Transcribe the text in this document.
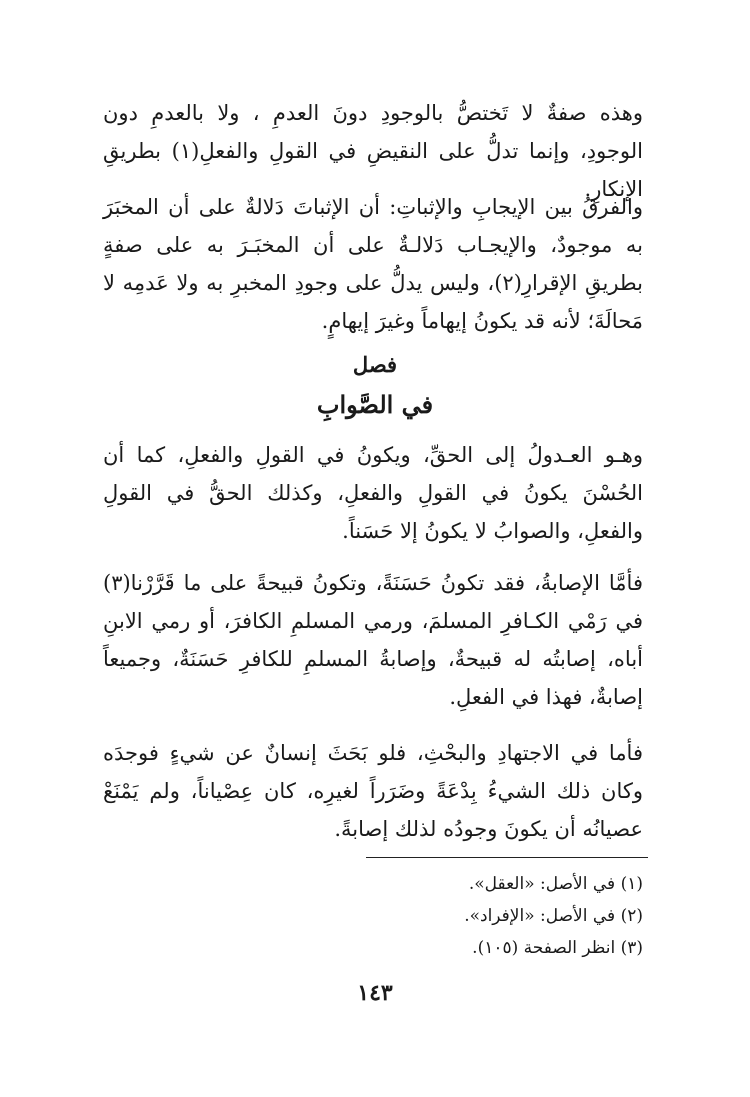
وهذه صفةٌ لا تَختصُّ بالوجودِ دونَ العدمِ ، ولا بالعدمِ دون الوجودِ، وإنما تدلُّ على النقيضِ في القولِ والفعلِ(١) بطريقِ الإنكارِ.

والفرقُ بين الإيجابِ والإثباتِ: أن الإثباتَ دَلالةٌ على أن المخبَرَ به موجودٌ، والإيجـاب دَلالـةٌ على أن المخبَـرَ به على صفةٍ بطريقِ الإقرارِ(٢)، وليس يدلُّ على وجودِ المخبرِ به ولا عَدمِه لا مَحالَةَ؛ لأنه قد يكونُ إيهاماً وغيرَ إيهامٍ.

فصل
في الصَّوابِ

وهـو العـدولُ إلى الحقِّ، ويكونُ في القولِ والفعلِ، كما أن الحُسْنَ يكونُ في القولِ والفعلِ، وكذلك الحقُّ في القولِ والفعلِ، والصوابُ لا يكونُ إلا حَسَناً.

فأمَّا الإصابةُ، فقد تكونُ حَسَنَةً، وتكونُ قبيحةً على ما قَرَّرْنا(٣) في رَمْي الكـافرِ المسلمَ، ورمي المسلمِ الكافرَ، أو رمي الابنِ أباه، إصابتُه له قبيحةٌ، وإصابةُ المسلمِ للكافرِ حَسَنَةٌ، وجميعاً إصابةٌ، فهذا في الفعلِ.

فأما في الاجتهادِ والبحْثِ، فلو بَحَثَ إنسانٌ عن شيءٍ فوجدَه وكان ذلك الشيءُ بِدْعَةً وضَرَراً لغيرِه، كان عِصْياناً، ولم يَمْنَعْ عصيانُه أن يكونَ وجودُه لذلك إصابةً.

(١) في الأصل: «العقل».
(٢) في الأصل: «الإفراد».
(٣) انظر الصفحة (١٠٥).
١٤٣
